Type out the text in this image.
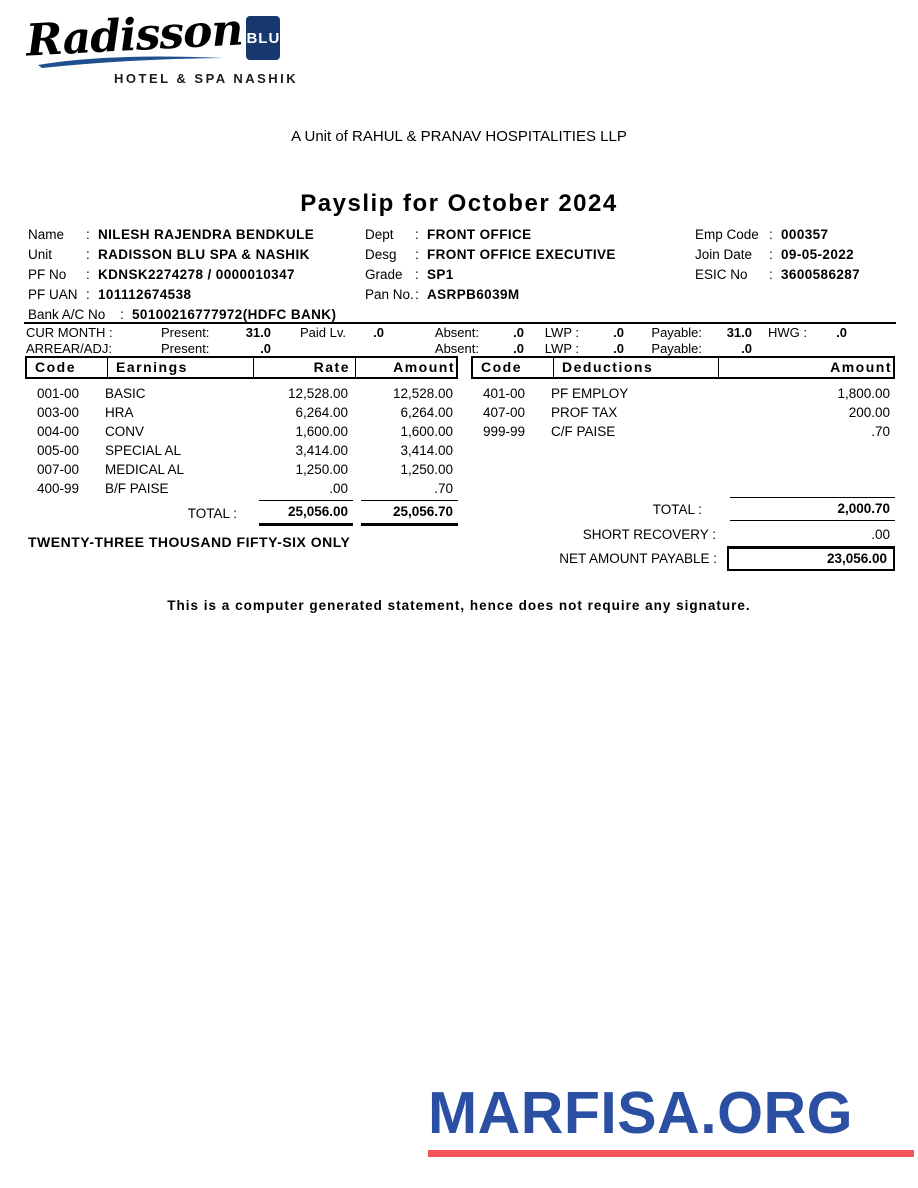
Radisson BLU
HOTEL & SPA NASHIK
A Unit of RAHUL & PRANAV HOSPITALITIES LLP
Payslip for October 2024
Name	: NILESH RAJENDRA BENDKULE
Unit	: RADISSON BLU SPA & NASHIK
PF No	: KDNSK2274278 / 0000010347
PF UAN : 101112674538
Bank A/C No	: 50100216777972(HDFC BANK)
Dept	: FRONT OFFICE
Desg	: FRONT OFFICE EXECUTIVE
Grade : SP1
Pan No. : ASRPB6039M
Emp Code : 000357
Join Date	: 09-05-2022
ESIC No	: 3600586287
CUR MONTH :	Present:	31.0	Paid Lv.	.0	Absent:	.0	LWP :	.0	Payable:	31.0	HWG :	.0
ARREAR/ADJ:	Present:	.0	Absent:	.0	LWP :	.0	Payable:	.0
Code	Earnings	Rate	Amount
001-00	BASIC	12,528.00	12,528.00
003-00	HRA	6,264.00	6,264.00
004-00	CONV	1,600.00	1,600.00
005-00	SPECIAL AL	3,414.00	3,414.00
007-00	MEDICAL AL	1,250.00	1,250.00
400-99	B/F PAISE	.00	.70
TOTAL :	25,056.00	25,056.70
Code	Deductions	Amount
401-00	PF EMPLOY	1,800.00
407-00	PROF TAX	200.00
999-99	C/F PAISE	.70
TOTAL :	2,000.70
SHORT RECOVERY :	.00
NET AMOUNT PAYABLE :	23,056.00
TWENTY-THREE THOUSAND FIFTY-SIX ONLY
This is a computer generated statement, hence does not require any signature.
MARFISA.ORG
